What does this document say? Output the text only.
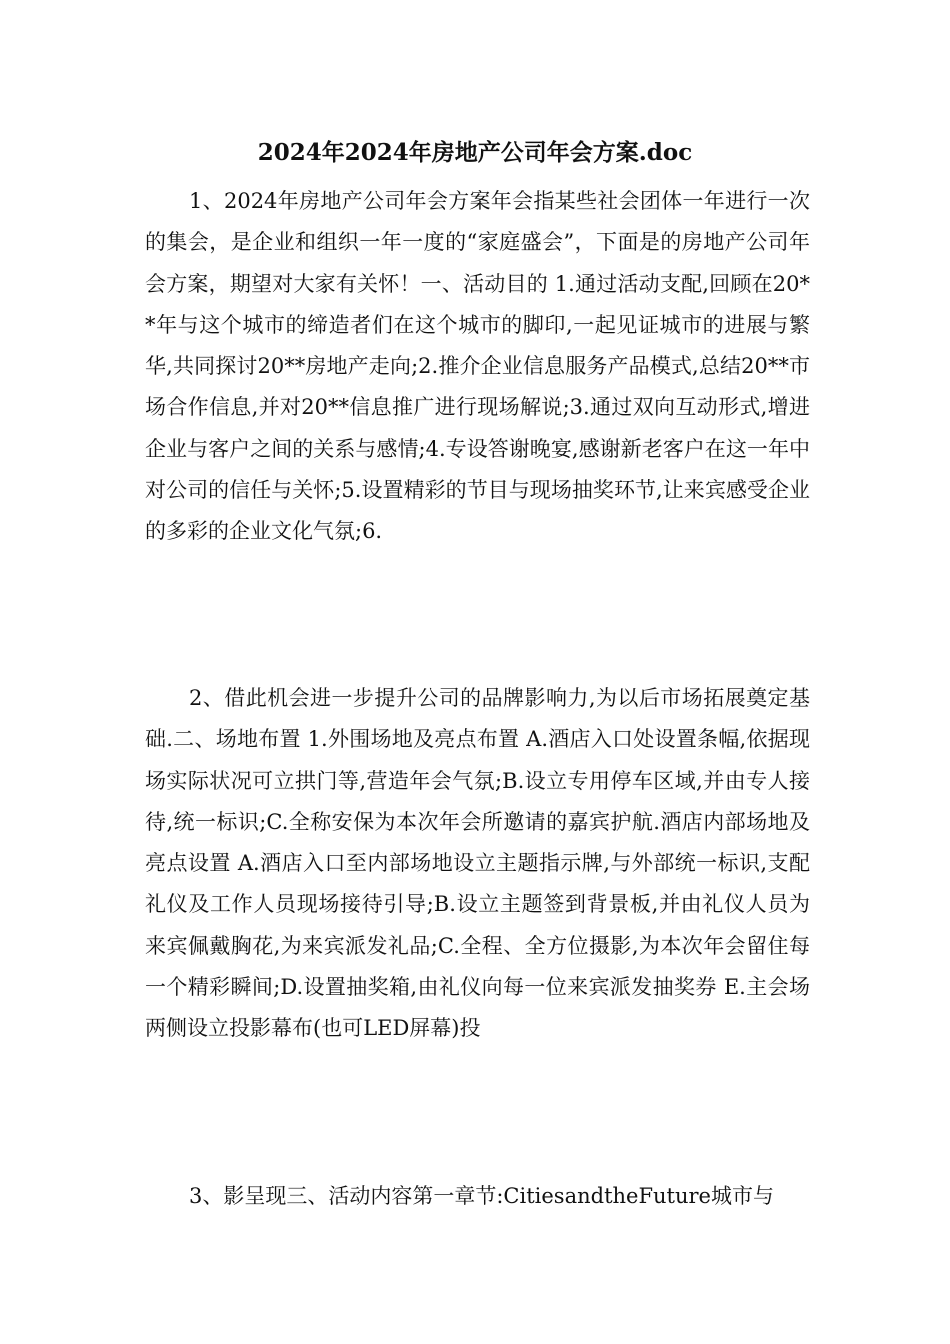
2024年2024年房地产公司年会方案.doc

1、2024年房地产公司年会方案年会指某些社会团体一年进行一次的集会，是企业和组织一年一度的“家庭盛会”，下面是的房地产公司年会方案，期望对大家有关怀！一、活动目的 1.通过活动支配,回顾在20**年与这个城市的缔造者们在这个城市的脚印,一起见证城市的进展与繁华,共同探讨20**房地产走向;2.推介企业信息服务产品模式,总结20**市场合作信息,并对20**信息推广进行现场解说;3.通过双向互动形式,增进企业与客户之间的关系与感情;4.专设答谢晚宴,感谢新老客户在这一年中对公司的信任与关怀;5.设置精彩的节目与现场抽奖环节,让来宾感受企业的多彩的企业文化气氛;6.

2、借此机会进一步提升公司的品牌影响力,为以后市场拓展奠定基础.二、场地布置 1.外围场地及亮点布置 A.酒店入口处设置条幅,依据现场实际状况可立拱门等,营造年会气氛;B.设立专用停车区域,并由专人接待,统一标识;C.全称安保为本次年会所邀请的嘉宾护航.酒店内部场地及亮点设置 A.酒店入口至内部场地设立主题指示牌,与外部统一标识,支配礼仪及工作人员现场接待引导;B.设立主题签到背景板,并由礼仪人员为来宾佩戴胸花,为来宾派发礼品;C.全程、全方位摄影,为本次年会留住每一个精彩瞬间;D.设置抽奖箱,由礼仪向每一位来宾派发抽奖券 E.主会场两侧设立投影幕布(也可LED屏幕)投

3、影呈现三、活动内容第一章节:CitiesandtheFuture城市与
